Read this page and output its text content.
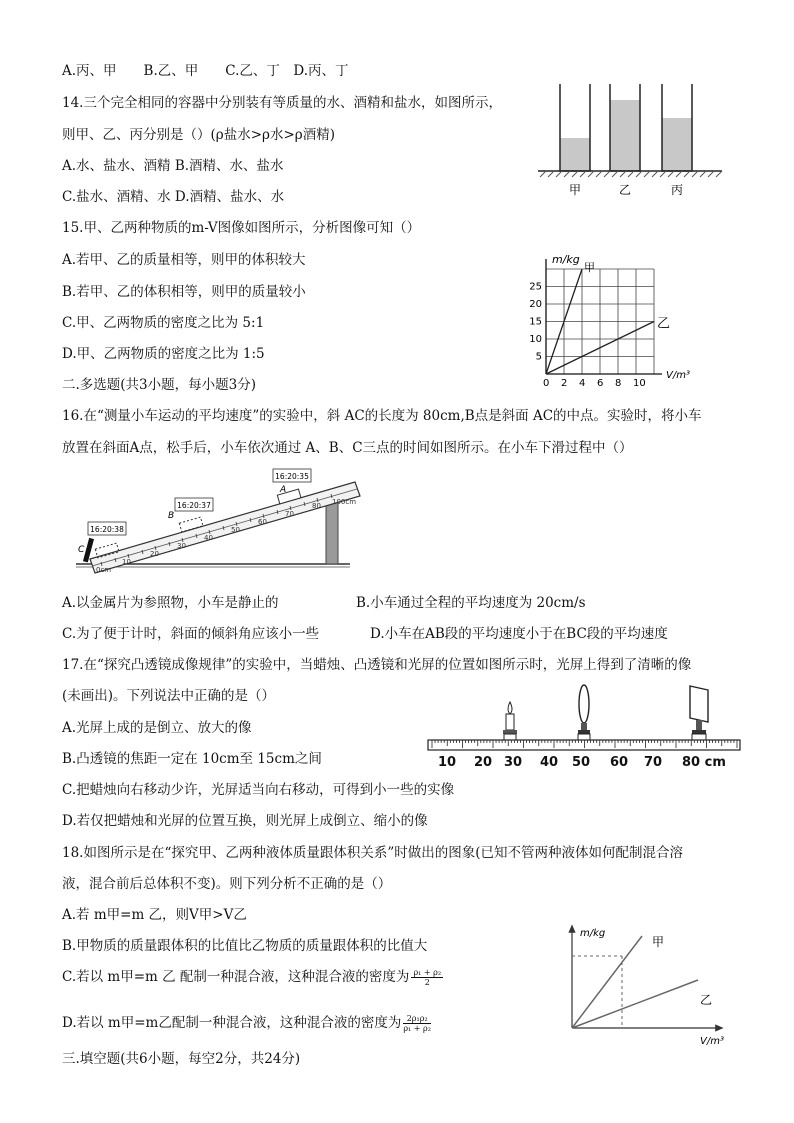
A.丙、甲　　B.乙、甲　　C.乙、丁　D.丙、丁
14.三个完全相同的容器中分别装有等质量的水、酒精和盐水，如图所示，
则甲、乙、丙分别是（）(ρ盐水>ρ水>ρ酒精)
A.水、盐水、酒精 B.酒精、水、盐水
C.盐水、酒精、水 D.酒精、盐水、水	甲	乙	丙
15.甲、乙两种物质的m-V图像如图所示，分析图像可知（）
A.若甲、乙的质量相等，则甲的体积较大
B.若甲、乙的体积相等，则甲的质量较小
C.甲、乙两物质的密度之比为 5:1
D.甲、乙两物质的密度之比为 1:5
甲
乙
0 2 4 6 8 10
5
10
15
20
25
m/kg
V/m³
二.多选题(共3小题，每小题3分)
16.在“测量小车运动的平均速度”的实验中，斜 AC的长度为 80cm,B点是斜面 AC的中点。实验时，将小车
放置在斜面A点，松手后，小车依次通过 A、B、C三点的时间如图所示。在小车下滑过程中（）
0cm
10
20
30
40
50
60
70
80 100cm
A
B
C
16:20:35
16:20:37
16:20:38
A.以金属片为参照物，小车是静止的	B.小车通过全程的平均速度为 20cm/s
C.为了便于计时，斜面的倾斜角应该小一些	D.小车在AB段的平均速度小于在BC段的平均速度
17.在“探究凸透镜成像规律”的实验中，当蜡烛、凸透镜和光屏的位置如图所示时，光屏上得到了清晰的像
(未画出)。下列说法中正确的是（）
A.光屏上成的是倒立、放大的像
B.凸透镜的焦距一定在 10cm至 15cm之间
C.把蜡烛向右移动少许，光屏适当向右移动，可得到小一些的实像
D.若仅把蜡烛和光屏的位置互换，则光屏上成倒立、缩小的像
10 20 30 40 50 60 70 80 cm
18.如图所示是在“探究甲、乙两种液体质量跟体积关系”时做出的图象(已知不管两种液体如何配制混合溶
液，混合前后总体积不变)。则下列分析不正确的是（）
A.若 m甲=m 乙，则V甲>V乙
B.甲物质的质量跟体积的比值比乙物质的质量跟体积的比值大
C.若以 m甲=m 乙 配制一种混合液，这种混合液的密度为 $\frac{\text{ρ₁ + ρ₂}}{2}$
D.若以 m甲=m乙配制一种混合液，这种混合液的密度为 $\frac{\text{2ρ₁ρ₂}}{\text{ρ₁ + ρ₂}}$
m/kg
V/m³
甲
乙
三.填空题(共6小题，每空2分，共24分)
